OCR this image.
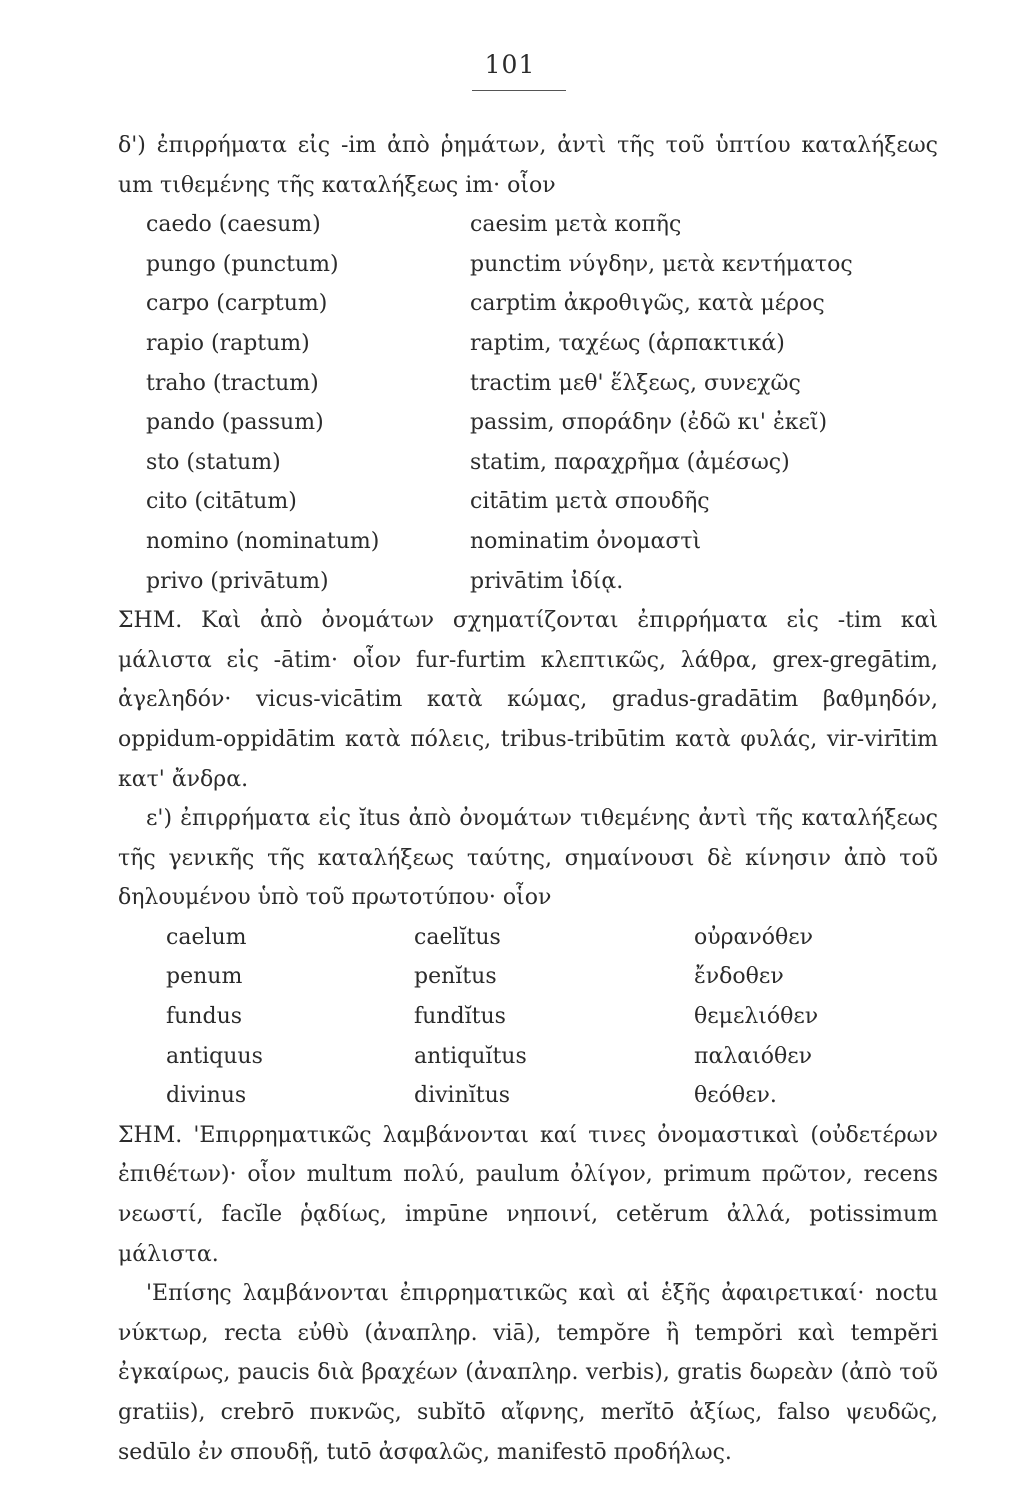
101

δ') ἐπιρρήματα εἰς -im ἀπὸ ῥημάτων, ἀντὶ τῆς τοῦ ὑπτίου καταλήξεως um τιθεμένης τῆς καταλήξεως im· οἷον

caedo (caesum)	caesim μετὰ κοπῆς
pungo (punctum)	punctim νύγδην, μετὰ κεντήματος
carpo (carptum)	carptim ἀκροθιγῶς, κατὰ μέρος
rapio (raptum)	raptim, ταχέως (ἁρπακτικά)
traho (tractum)	tractim μεθ' ἕλξεως, συνεχῶς
pando (passum)	passim, σποράδην (ἐδῶ κι' ἐκεῖ)
sto (statum)	statim, παραχρῆμα (ἀμέσως)
cito (citātum)	citātim μετὰ σπουδῆς
nomino (nominatum)	nominatim ὀνομαστὶ
privo (privātum)	privātim ἰδίᾳ.

ΣΗΜ. Καὶ ἀπὸ ὀνομάτων σχηματίζονται ἐπιρρήματα εἰς -tim καὶ μάλιστα εἰς -ātim· οἷον fur-furtim κλεπτικῶς, λάθρα, grex-gregātim, ἀγεληδόν· vicus-vicātim κατὰ κώμας, gradus-gradātim βαθμηδόν, oppidum-oppidātim κατὰ πόλεις, tribus-tribūtim κατὰ φυλάς, vir-virītim κατ' ἄνδρα.

ε') ἐπιρρήματα εἰς ĭtus ἀπὸ ὀνομάτων τιθεμένης ἀντὶ τῆς καταλήξεως τῆς γενικῆς τῆς καταλήξεως ταύτης, σημαίνουσι δὲ κίνησιν ἀπὸ τοῦ δηλουμένου ὑπὸ τοῦ πρωτοτύπου· οἷον

caelum	caelĭtus	οὐρανόθεν
penum	penĭtus	ἔνδοθεν
fundus	fundĭtus	θεμελιόθεν
antiquus	antiquĭtus	παλαιόθεν
divinus	divinĭtus	θεόθεν.

ΣΗΜ. 'Επιρρηματικῶς λαμβάνονται καί τινες ὀνομαστικαὶ (οὐδετέρων ἐπιθέτων)· οἷον multum πολύ, paulum ὀλίγον, primum πρῶτον, recens νεωστί, facĭle ῥᾳδίως, impūne νηποινί, cetĕrum ἀλλά, potissimum μάλιστα.

'Επίσης λαμβάνονται ἐπιρρηματικῶς καὶ αἱ ἑξῆς ἀφαιρετικαί· noctu νύκτωρ, recta εὐθὺ (ἀναπληρ. viā), tempŏre ἢ tempŏri καὶ tempĕri ἐγκαίρως, paucis διὰ βραχέων (ἀναπληρ. verbis), gratis δωρεὰν (ἀπὸ τοῦ gratiis), crebrō πυκνῶς, subĭtō αἴφνης, merĭtō ἀξίως, falso ψευδῶς, sedūlo ἐν σπουδῇ, tutō ἀσφαλῶς, manifestō προδήλως.
